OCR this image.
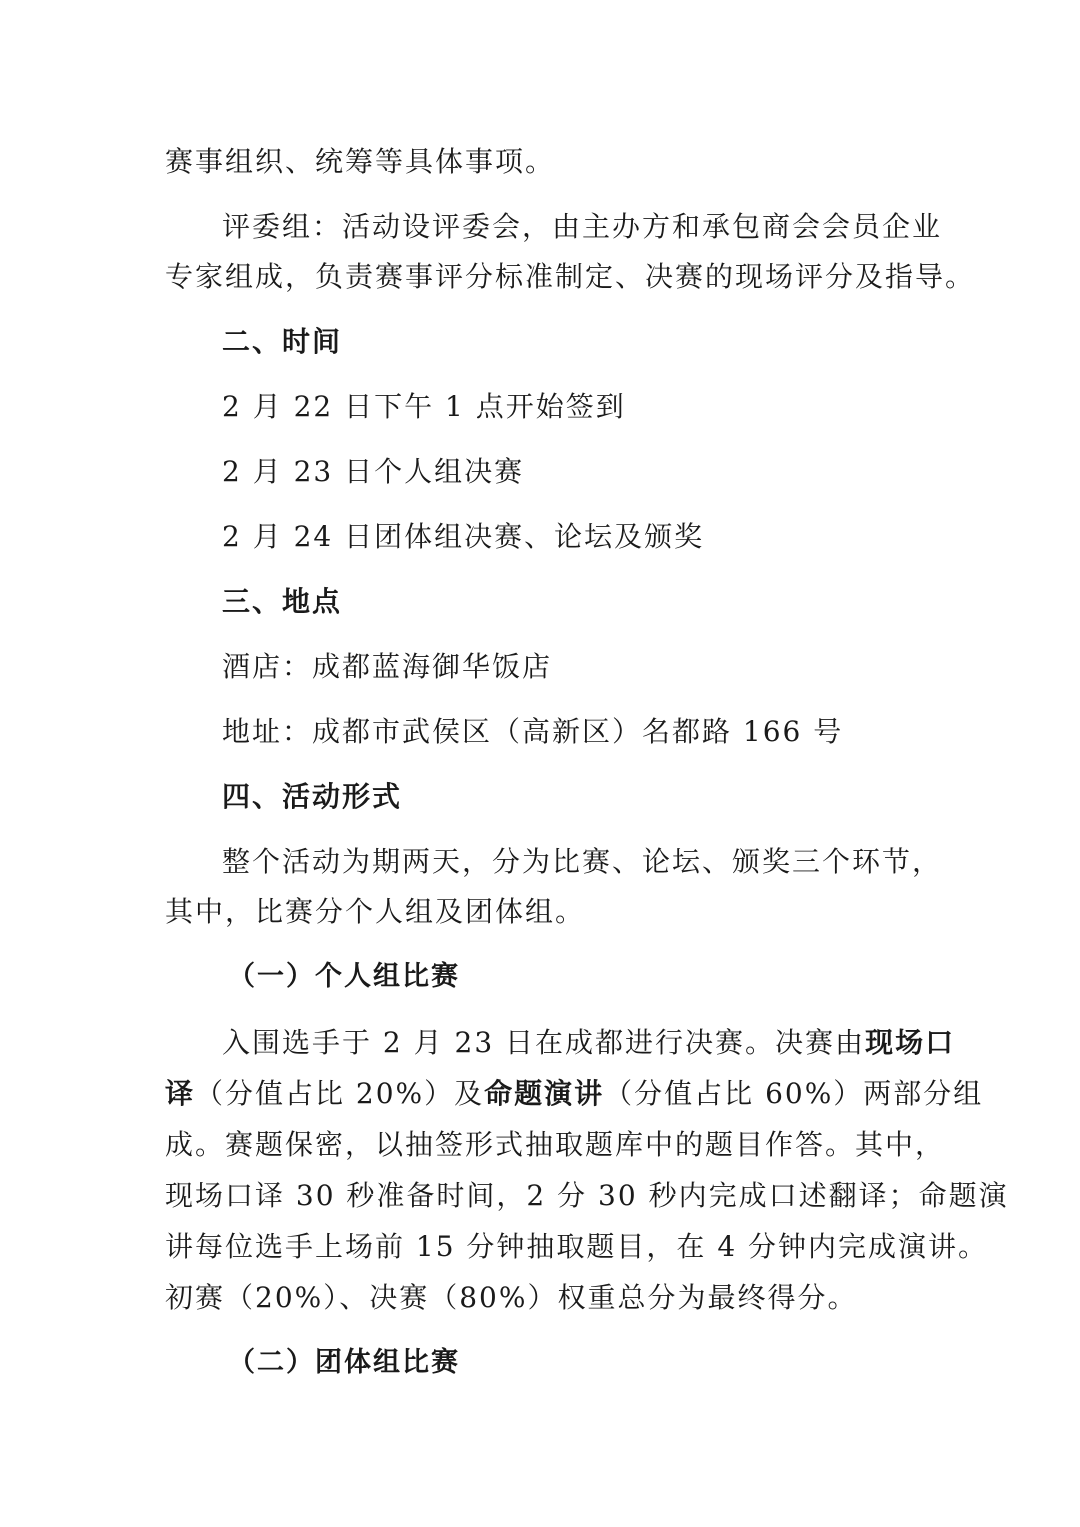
赛事组织、统筹等具体事项。
评委组：活动设评委会，由主办方和承包商会会员企业
专家组成，负责赛事评分标准制定、决赛的现场评分及指导。
二、时间
2 月 22 日下午 1 点开始签到
2 月 23 日个人组决赛
2 月 24 日团体组决赛、论坛及颁奖
三、地点
酒店：成都蓝海御华饭店
地址：成都市武侯区（高新区）名都路 166 号
四、活动形式
整个活动为期两天，分为比赛、论坛、颁奖三个环节，
其中，比赛分个人组及团体组。
（一）个人组比赛
入围选手于 2 月 23 日在成都进行决赛。决赛由现场口
译（分值占比 20%）及命题演讲（分值占比 60%）两部分组
成。赛题保密，以抽签形式抽取题库中的题目作答。其中，
现场口译 30 秒准备时间，2 分 30 秒内完成口述翻译；命题演
讲每位选手上场前 15 分钟抽取题目，在 4 分钟内完成演讲。
初赛（20%）、决赛（80%）权重总分为最终得分。
（二）团体组比赛
